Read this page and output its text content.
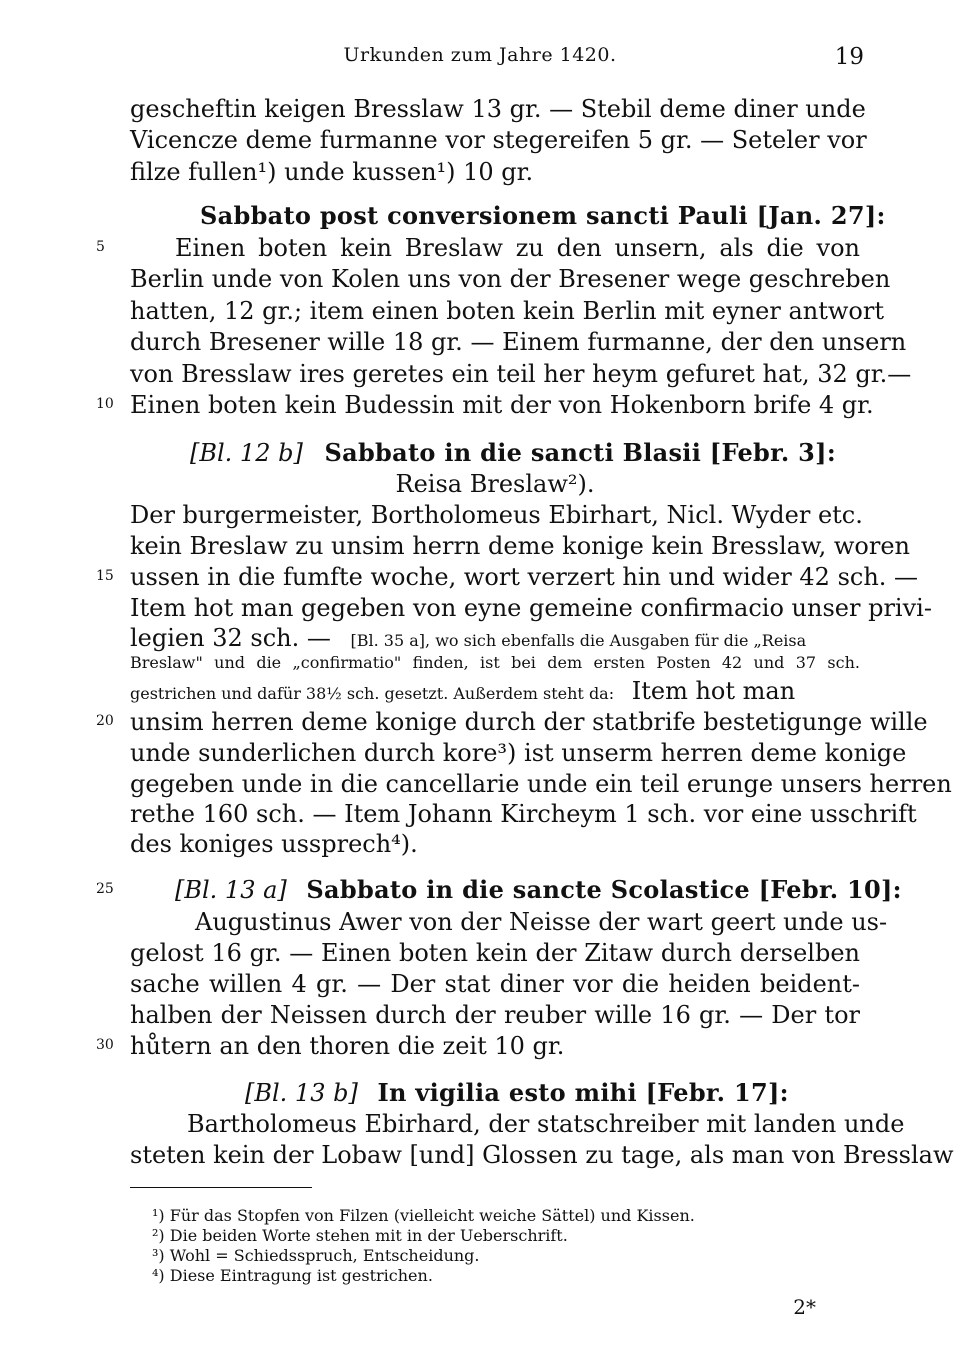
Urkunden zum Jahre 1420.	19
5
10
15
20
25
30
gescheftin keigen Bresslaw 13 gr. — Stebil deme diner unde
Vicencze deme furmanne vor stegereifen 5 gr. — Seteler vor
filze fullen¹) unde kussen¹) 10 gr.
Sabbato post conversionem sancti Pauli [Jan. 27]:
Einen boten kein Breslaw zu den unsern, als die von
Berlin unde von Kolen uns von der Bresener wege geschreben
hatten, 12 gr.; item einen boten kein Berlin mit eyner antwort
durch Bresener wille 18 gr. — Einem furmanne, der den unsern
von Bresslaw ires geretes ein teil her heym gefuret hat, 32 gr.—
Einen boten kein Budessin mit der von Hokenborn brife 4 gr.
[Bl. 12 b] Sabbato in die sancti Blasii [Febr. 3]:
Reisa Breslaw²).
Der burgermeister, Bortholomeus Ebirhart, Nicl. Wyder etc.
kein Breslaw zu unsim herrn deme konige kein Bresslaw, woren
ussen in die fumfte woche, wort verzert hin und wider 42 sch. —
Item hot man gegeben von eyne gemeine confirmacio unser privi-
legien 32 sch. — [Bl. 35 a], wo sich ebenfalls die Ausgaben für die „Reisa
Breslaw" und die „confirmatio" finden, ist bei dem ersten Posten 42 und 37 sch.
gestrichen und dafür 38½ sch. gesetzt. Außerdem steht da: Item hot man
unsim herren deme konige durch der statbrife bestetigunge wille
unde sunderlichen durch kore³) ist unserm herren deme konige
gegeben unde in die cancellarie unde ein teil erunge unsers herren
rethe 160 sch. — Item Johann Kircheym 1 sch. vor eine usschrift
des koniges ussprech⁴).
[Bl. 13 a] Sabbato in die sancte Scolastice [Febr. 10]:
Augustinus Awer von der Neisse der wart geert unde us-
gelost 16 gr. — Einen boten kein der Zitaw durch derselben
sache willen 4 gr. — Der stat diner vor die heiden beident-
halben der Neissen durch der reuber wille 16 gr. — Der tor
hůtern an den thoren die zeit 10 gr.
[Bl. 13 b] In vigilia esto mihi [Febr. 17]:
Bartholomeus Ebirhard, der statschreiber mit landen unde
steten kein der Lobaw [und] Glossen zu tage, als man von Bresslaw
¹) Für das Stopfen von Filzen (vielleicht weiche Sättel) und Kissen.
²) Die beiden Worte stehen mit in der Ueberschrift.
³) Wohl = Schiedsspruch, Entscheidung.
⁴) Diese Eintragung ist gestrichen.
2*
